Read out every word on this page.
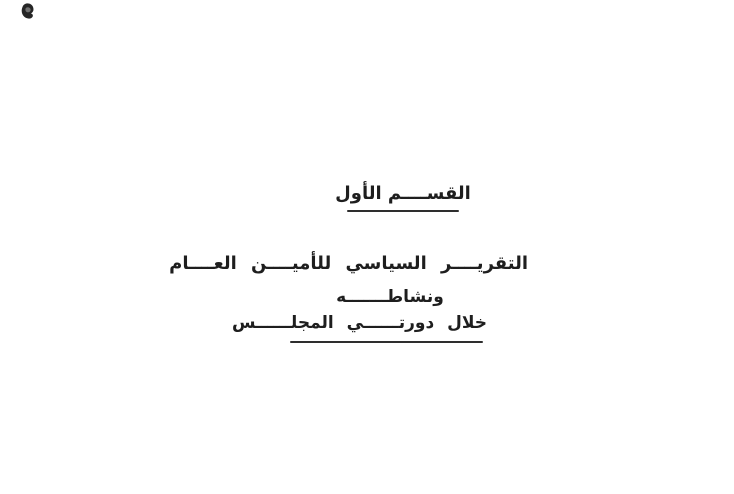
القســــم الأول
التقريــــر السياسي للأميــــن العــــام
ونشاطـــــــه
خلال دورتــــــي المجلــــــس
